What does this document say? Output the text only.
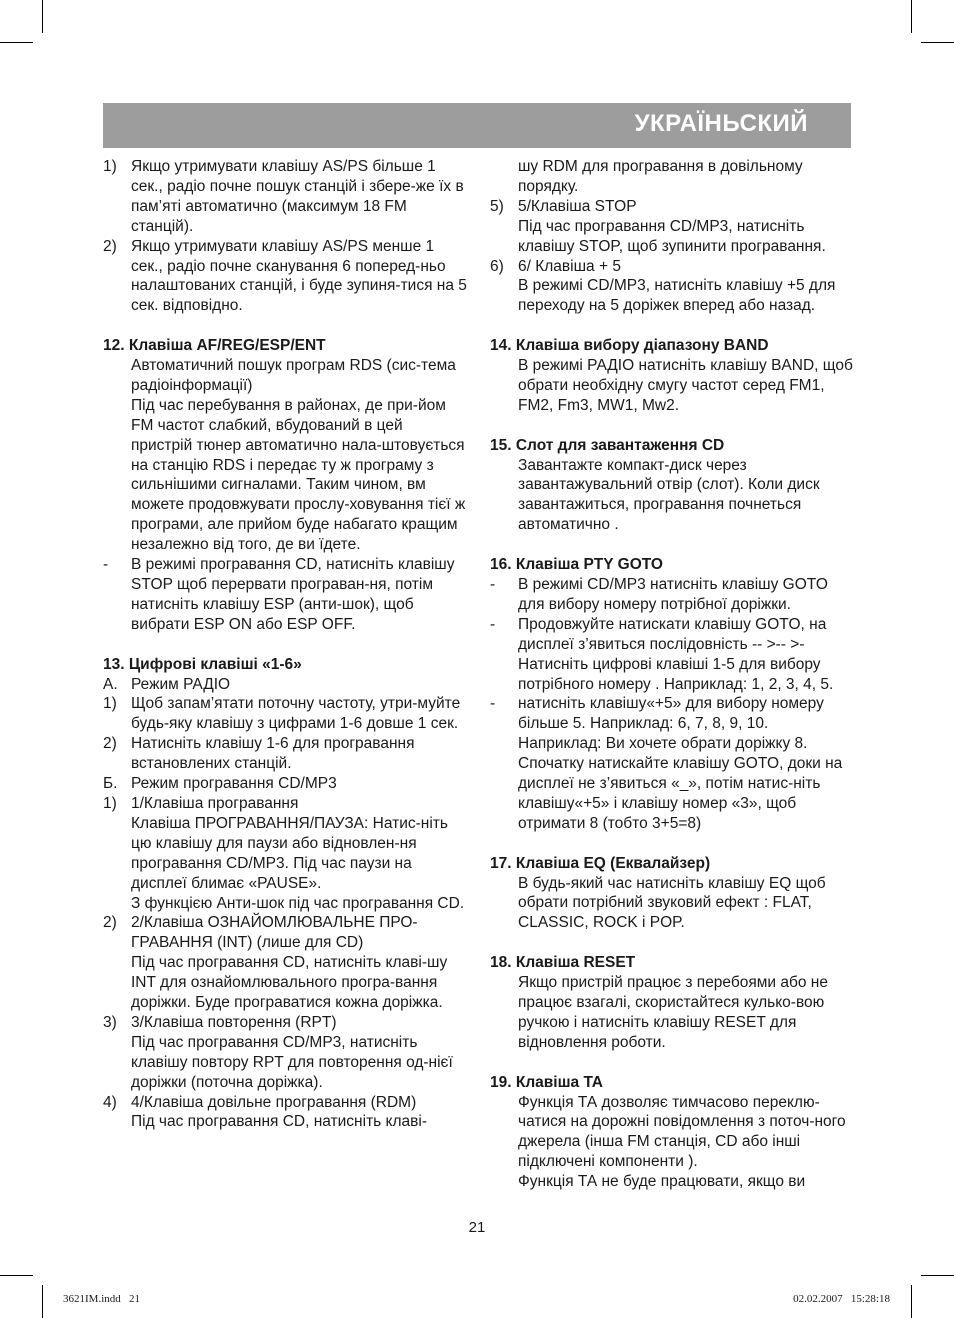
УКРАЇНЬСКИЙ
1) Якщо утримувати клавішу AS/PS більше 1 сек., радіо почне пошук станцій і збере-же їх в пам’яті автоматично (максимум 18 FM станцій).
2) Якщо утримувати клавішу AS/PS менше 1 сек., радіо почне сканування 6 поперед-ньо налаштованих станцій, і буде зупиня-тися на 5 сек. відповідно.
12. Клавіша AF/REG/ESP/ENT
Автоматичний пошук програм RDS (сис-тема радіоінформації)
Під час перебування в районах, де при-йом FM частот слабкий, вбудований в цей пристрій тюнер автоматично нала-штовується на станцію RDS і передає ту ж програму з сильнішими сигналами. Таким чином, вм можете продовжувати прослу-ховування тієї ж програми, але прийом буде набагато кращим незалежно від того, де ви їдете.
- В режимі програвання CD, натисніть клавішу STOP щоб перервати програван-ня, потім натисніть клавішу ESP (анти-шок), щоб вибрати ESP ON або ESP OFF.
13. Цифрові клавіші «1-6»
А. Режим РАДІО
1) Щоб запам’ятати поточну частоту, утри-муйте будь-яку клавішу з цифрами 1-6 довше 1 сек.
2) Натисніть клавішу 1-6 для програвання встановлених станцій.
Б. Режим програвання CD/MP3
1) 1/Клавіша програвання
Клавіша ПРОГРАВАННЯ/ПАУЗА: Натис-ніть цю клавішу для паузи або відновлен-ня програвання CD/MP3. Під час паузи на дисплеї блимає «PAUSE».
З функцією Анти-шок під час програвання CD.
2) 2/Клавіша ОЗНАЙОМЛЮВАЛЬНЕ ПРО-ГРАВАННЯ (INT) (лише для CD)
Під час програвання CD, натисніть клаві-шу INT для ознайомлювального програ-вання доріжки. Буде програватися кожна доріжка.
3) 3/Клавіша повторення (RPT)
Під час програвання CD/MP3, натисніть клавішу повтору RPT для повторення од-нієї доріжки (поточна доріжка).
4) 4/Клавіша довільне програвання (RDM)
Під час програвання CD, натисніть клаві-
шу RDM для програвання в довільному порядку.
5) 5/Клавіша STOP
Під час програвання CD/MP3, натисніть клавішу STOP, щоб зупинити програвання.
6) 6/ Клавіша + 5
В режимі CD/MP3, натисніть клавішу +5 для переходу на 5 доріжек вперед або назад.
14. Клавіша вибору діапазону BAND
В режимі РАДІО натисніть клавішу BAND, щоб обрати необхідну смугу частот серед FM1, FM2, Fm3, MW1, Mw2.
15. Слот для завантаження CD
Завантажте компакт-диск через завантажувальний отвір (слот). Коли диск завантажиться, програвання почнеться автоматично .
16. Клавіша PTY GOTO
- В режимі CD/MP3 натисніть клавішу GOTO для вибору номеру потрібної доріжки.
- Продовжуйте натискати клавішу GOTO, на дисплеї з’явиться послідовність -- >-- >- Натисніть цифрові клавіші 1-5 для вибору потрібного номеру . Наприклад: 1, 2, 3, 4, 5.
- натисніть клавішу«+5» для вибору номеру більше 5. Наприклад: 6, 7, 8, 9, 10. Наприклад: Ви хочете обрати доріжку 8. Спочатку натискайте клавішу GOTO, доки на дисплеї не з’явиться «_», потім натис-ніть клавішу«+5» і клавішу номер «3», щоб отримати 8 (тобто 3+5=8)
17. Клавіша EQ (Еквалайзер)
В будь-який час натисніть клавішу EQ щоб обрати потрібний звуковий ефект : FLAT, CLASSIC, ROCK і POP.
18. Клавіша RESET
Якщо пристрій працює з перебоями або не працює взагалі, скористайтеся кулько-вою ручкою і натисніть клавішу RESET для відновлення роботи.
19. Клавіша TA
Функція ТА дозволяє тимчасово переклю-чатися на дорожні повідомлення з поточ-ного джерела (інша FM станція, CD або інші підключені компоненти ).
Функція ТА не буде працювати, якщо ви
21
3621IM.indd   21	02.02.2007   15:28:18
